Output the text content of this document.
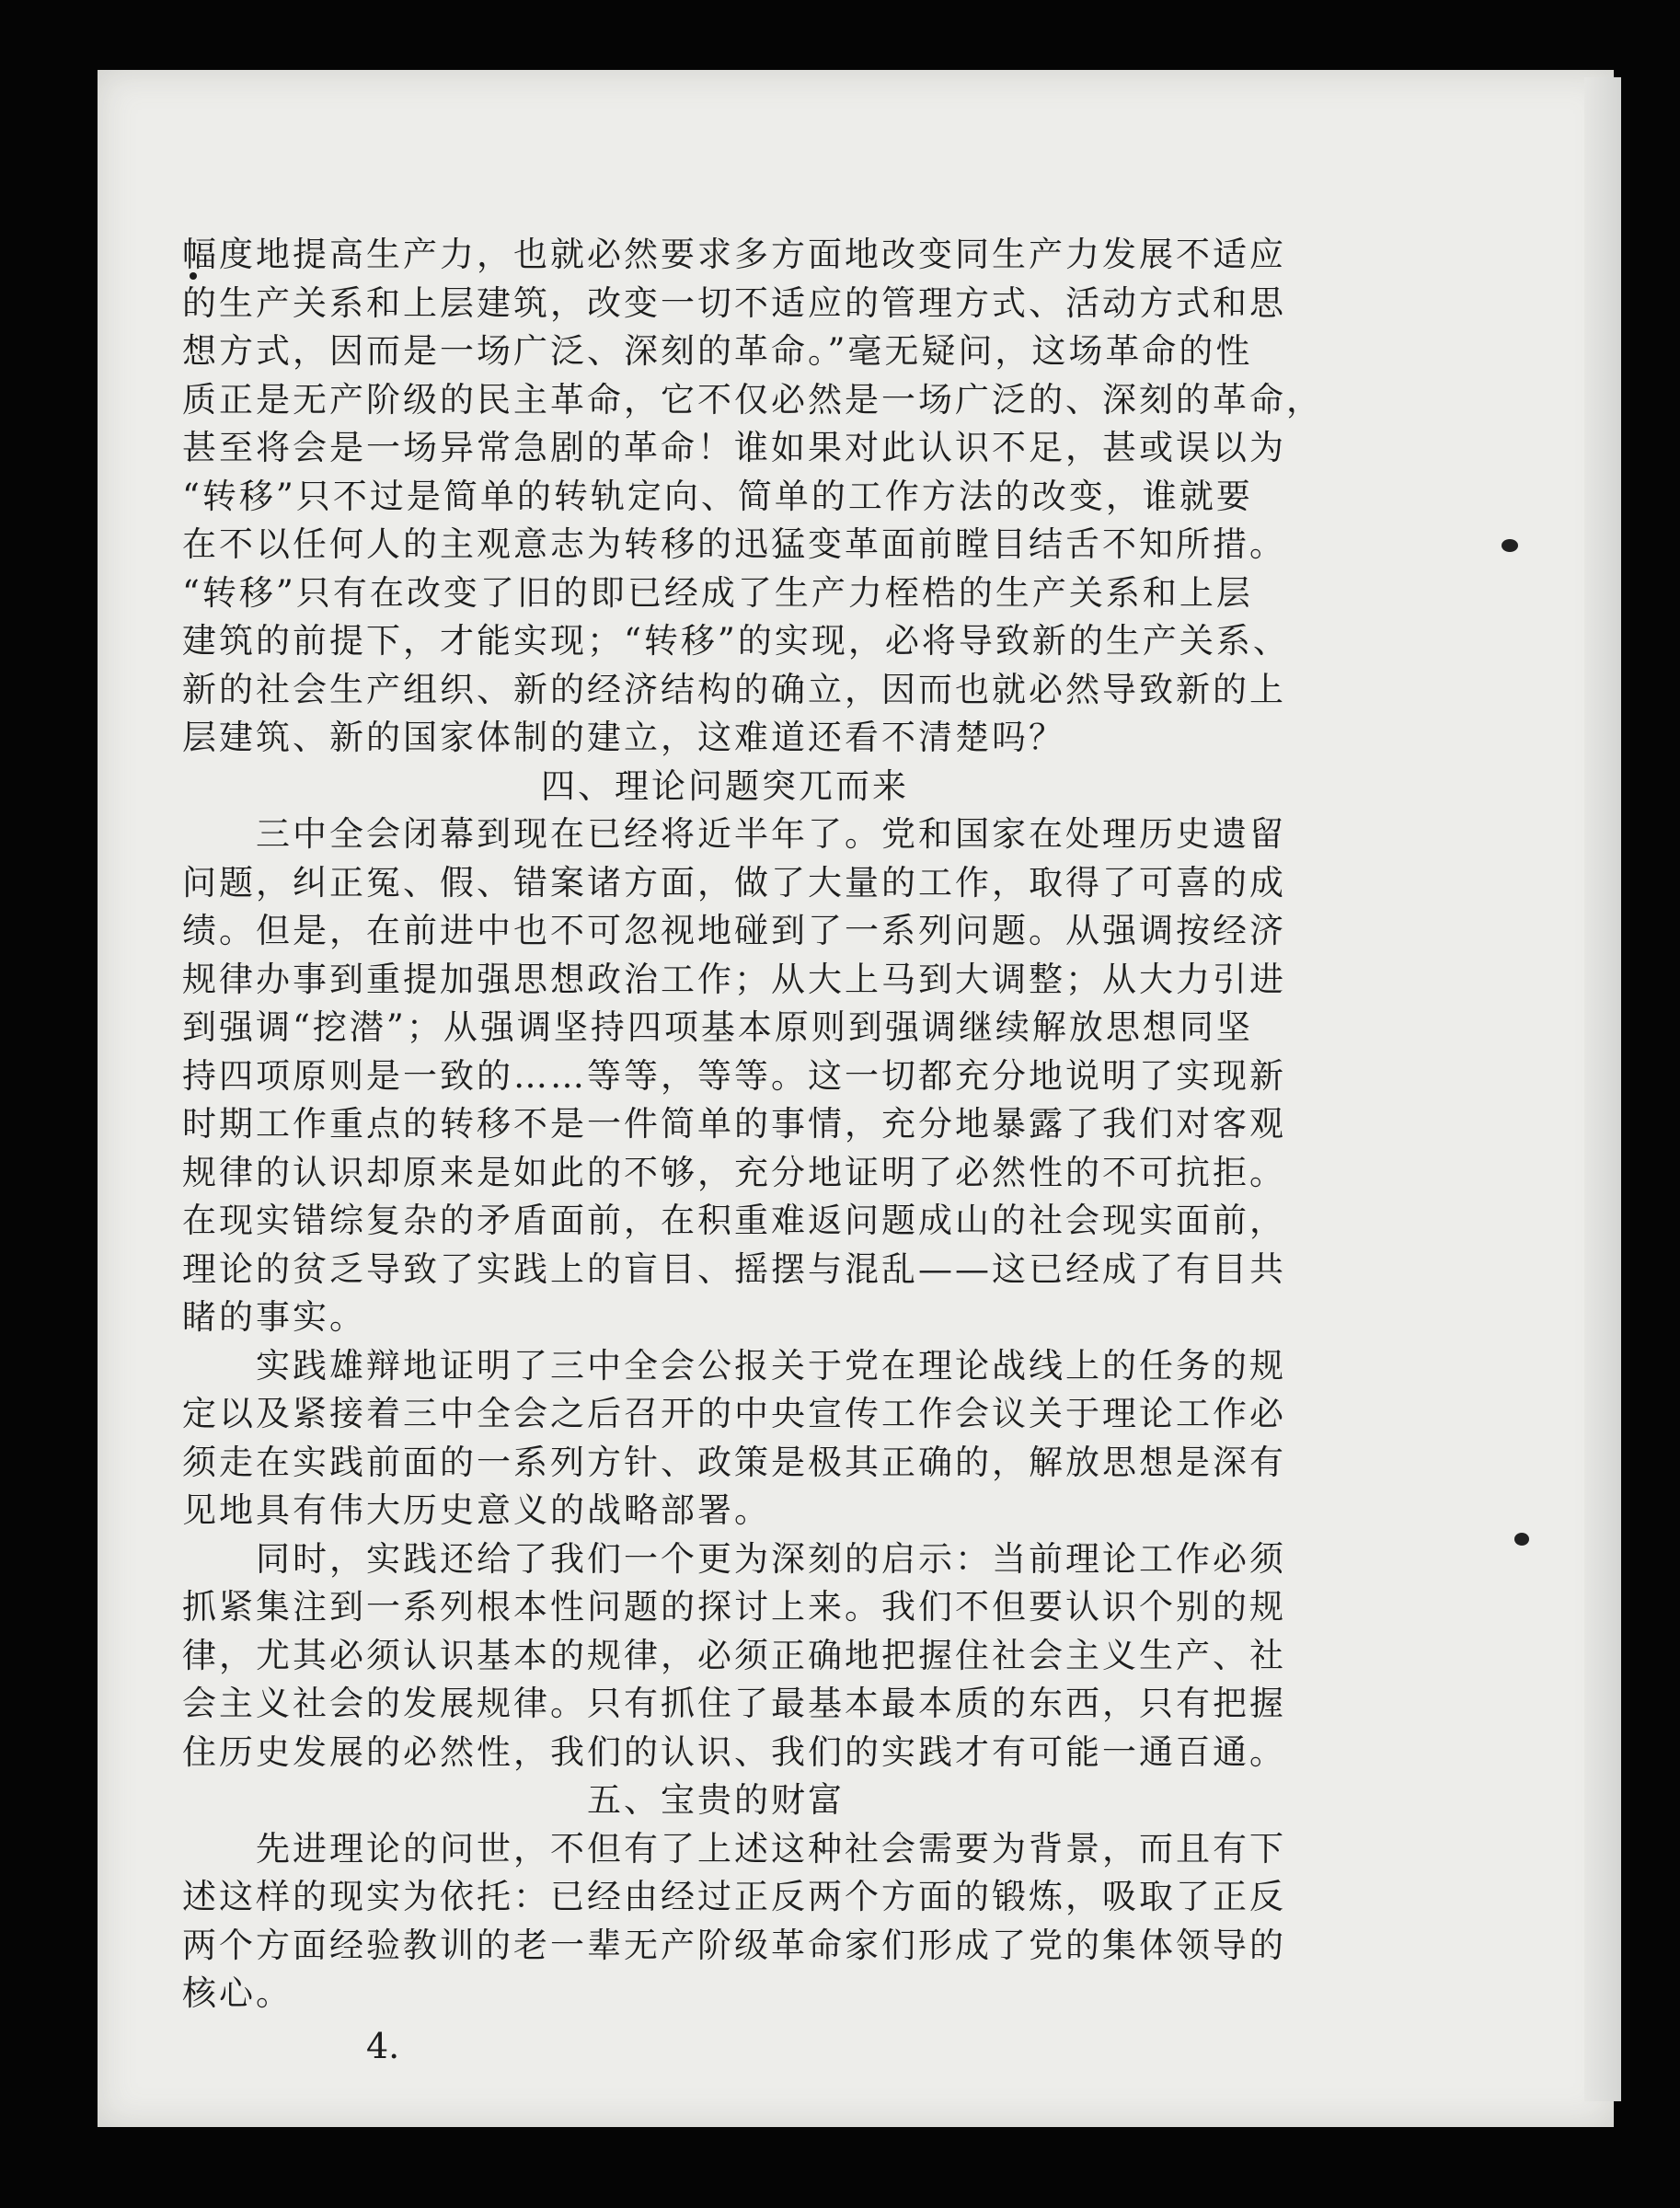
幅度地提高生产力，也就必然要求多方面地改变同生产力发展不适应
的生产关系和上层建筑，改变一切不适应的管理方式、活动方式和思
想方式，因而是一场广泛、深刻的革命。”毫无疑问，这场革命的性
质正是无产阶级的民主革命，它不仅必然是一场广泛的、深刻的革命，
甚至将会是一场异常急剧的革命！谁如果对此认识不足，甚或误以为
“转移”只不过是简单的转轨定向、简单的工作方法的改变，谁就要
在不以任何人的主观意志为转移的迅猛变革面前瞠目结舌不知所措。
“转移”只有在改变了旧的即已经成了生产力桎梏的生产关系和上层
建筑的前提下，才能实现；“转移”的实现，必将导致新的生产关系、
新的社会生产组织、新的经济结构的确立，因而也就必然导致新的上
层建筑、新的国家体制的建立，这难道还看不清楚吗？
四、理论问题突兀而来
三中全会闭幕到现在已经将近半年了。党和国家在处理历史遗留
问题，纠正冤、假、错案诸方面，做了大量的工作，取得了可喜的成
绩。但是，在前进中也不可忽视地碰到了一系列问题。从强调按经济
规律办事到重提加强思想政治工作；从大上马到大调整；从大力引进
到强调“挖潜”；从强调坚持四项基本原则到强调继续解放思想同坚
持四项原则是一致的……等等，等等。这一切都充分地说明了实现新
时期工作重点的转移不是一件简单的事情，充分地暴露了我们对客观
规律的认识却原来是如此的不够，充分地证明了必然性的不可抗拒。
在现实错综复杂的矛盾面前，在积重难返问题成山的社会现实面前，
理论的贫乏导致了实践上的盲目、摇摆与混乱——这已经成了有目共
睹的事实。
实践雄辩地证明了三中全会公报关于党在理论战线上的任务的规
定以及紧接着三中全会之后召开的中央宣传工作会议关于理论工作必
须走在实践前面的一系列方针、政策是极其正确的，解放思想是深有
见地具有伟大历史意义的战略部署。
同时，实践还给了我们一个更为深刻的启示：当前理论工作必须
抓紧集注到一系列根本性问题的探讨上来。我们不但要认识个别的规
律，尤其必须认识基本的规律，必须正确地把握住社会主义生产、社
会主义社会的发展规律。只有抓住了最基本最本质的东西，只有把握
住历史发展的必然性，我们的认识、我们的实践才有可能一通百通。
五、宝贵的财富
先进理论的问世，不但有了上述这种社会需要为背景，而且有下
述这样的现实为依托：已经由经过正反两个方面的锻炼，吸取了正反
两个方面经验教训的老一辈无产阶级革命家们形成了党的集体领导的
核心。
4.
